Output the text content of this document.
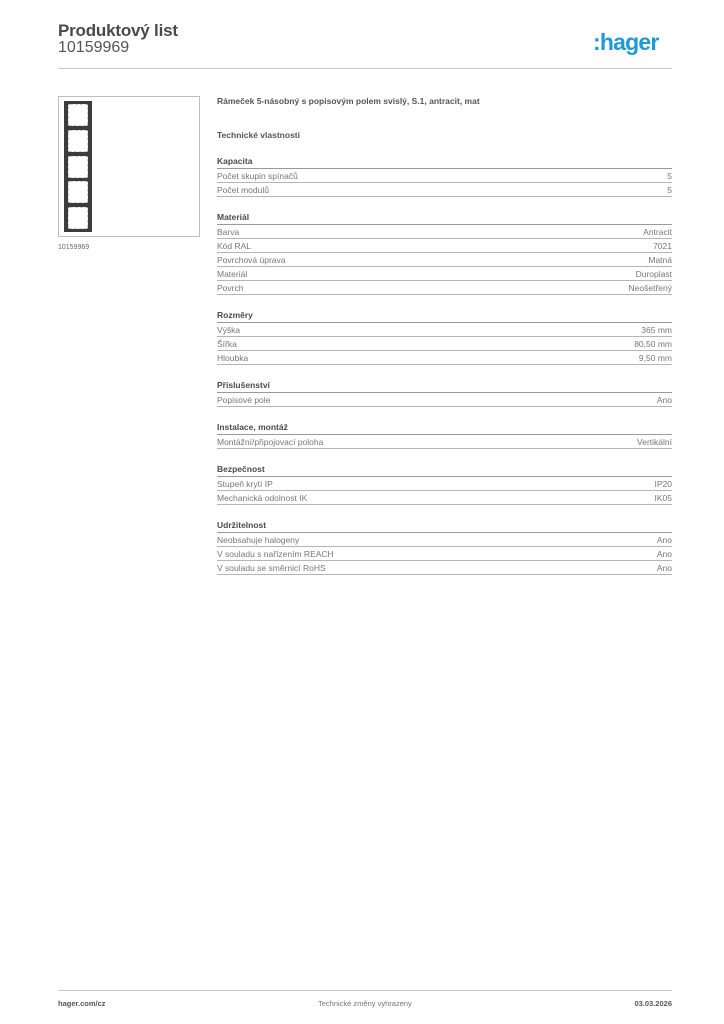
Produktový list
10159969	:hager
10159969
Rámeček 5-násobný s popisovým polem svislý, S.1, antracit, mat
Technické vlastnosti
Kapacita
Počet skupin spínačů	5
Počet modulů	5
Materiál
Barva	Antracit
Kód RAL	7021
Povrchová úprava	Matná
Materiál	Duroplast
Povrch	Neošetřený
Rozměry
Výška	365 mm
Šířka	80,50 mm
Hloubka	9,50 mm
Příslušenství
Popisové pole	Ano
Instalace, montáž
Montážní/připojovací poloha	Vertikální
Bezpečnost
Stupeň krytí IP	IP20
Mechanická odolnost IK	IK05
Udržitelnost
Neobsahuje halogeny	Ano
V souladu s nařízením REACH	Ano
V souladu se směrnicí RoHS	Ano
hager.com/cz	Technické změny vyhrazeny	03.03.2026
